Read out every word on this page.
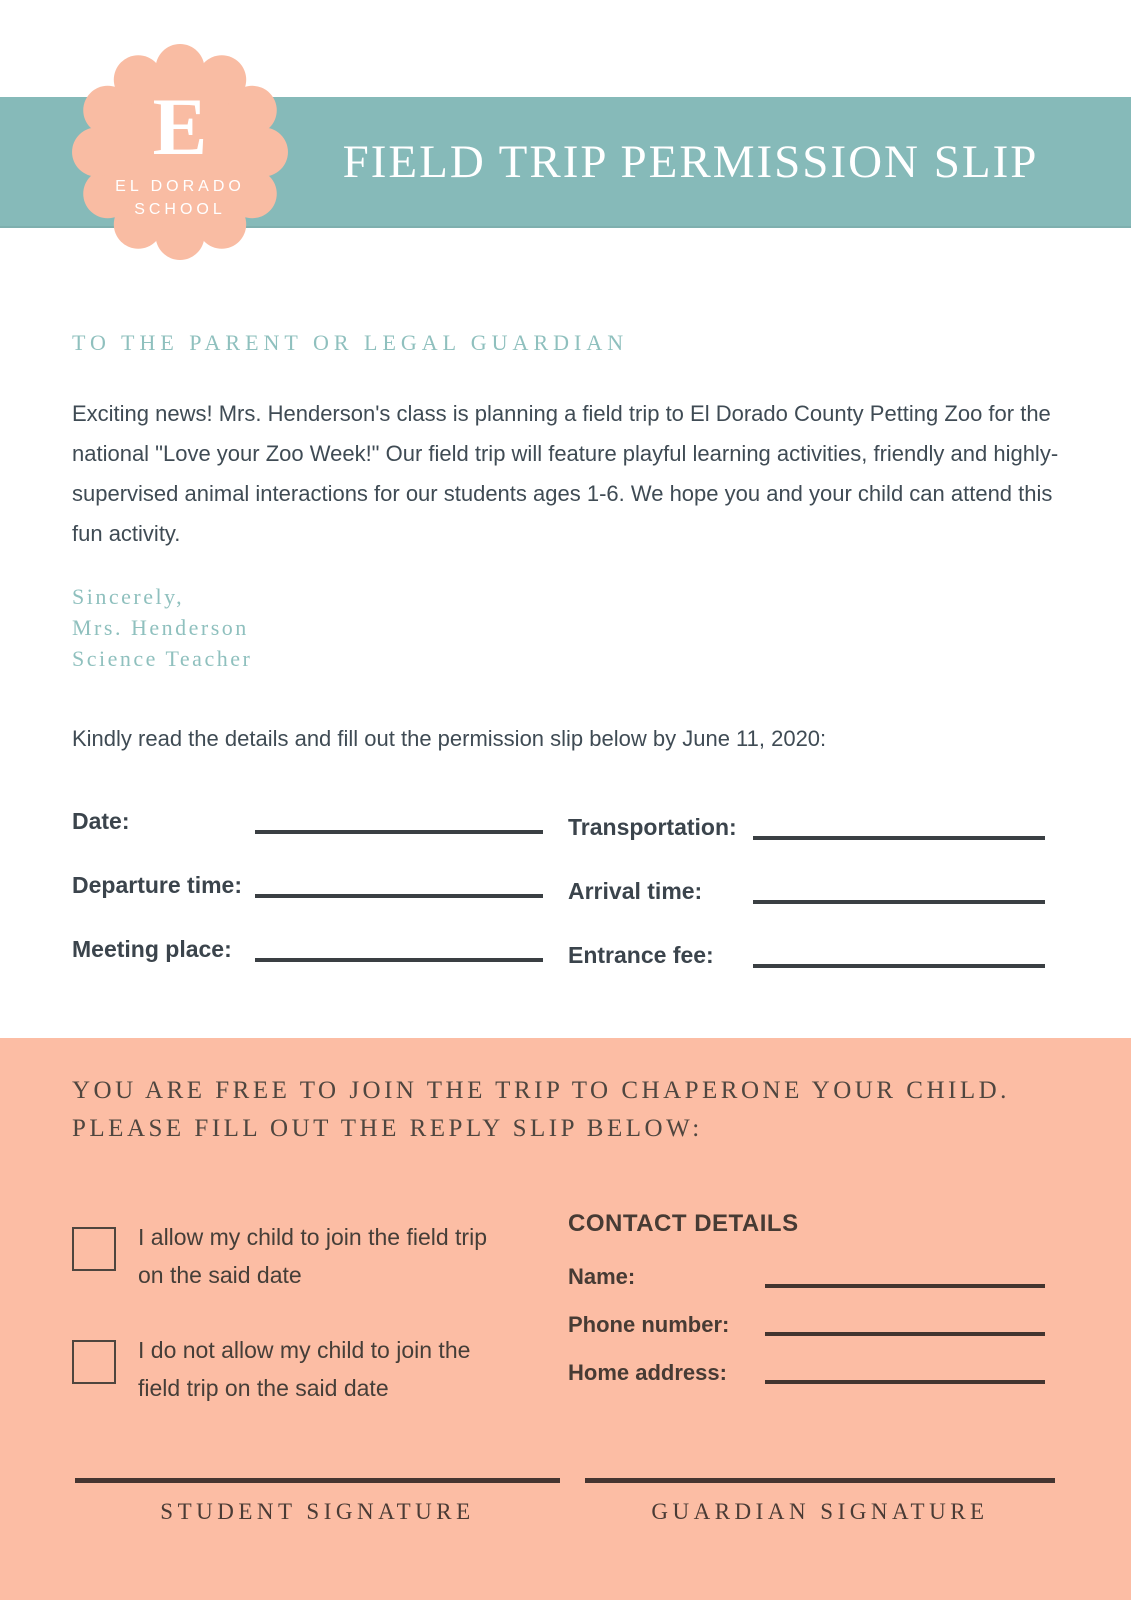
FIELD TRIP PERMISSION SLIP
E
EL DORADO
SCHOOL
TO THE PARENT OR LEGAL GUARDIAN
Exciting news! Mrs. Henderson's class is planning a field trip to El Dorado County Petting Zoo for the national "Love your Zoo Week!" Our field trip will feature playful learning activities, friendly and highly-supervised animal interactions for our students ages 1-6. We hope you and your child can attend this fun activity.
Sincerely,
Mrs. Henderson
Science Teacher
Kindly read the details and fill out the permission slip below by June 11, 2020:
Date:
Departure time:
Meeting place:
Transportation:
Arrival time:
Entrance fee:
YOU ARE FREE TO JOIN THE TRIP TO CHAPERONE YOUR CHILD. PLEASE FILL OUT THE REPLY SLIP BELOW:
I allow my child to join the field trip on the said date
I do not allow my child to join the field trip on the said date
CONTACT DETAILS
Name:
Phone number:
Home address:
STUDENT SIGNATURE	GUARDIAN SIGNATURE
